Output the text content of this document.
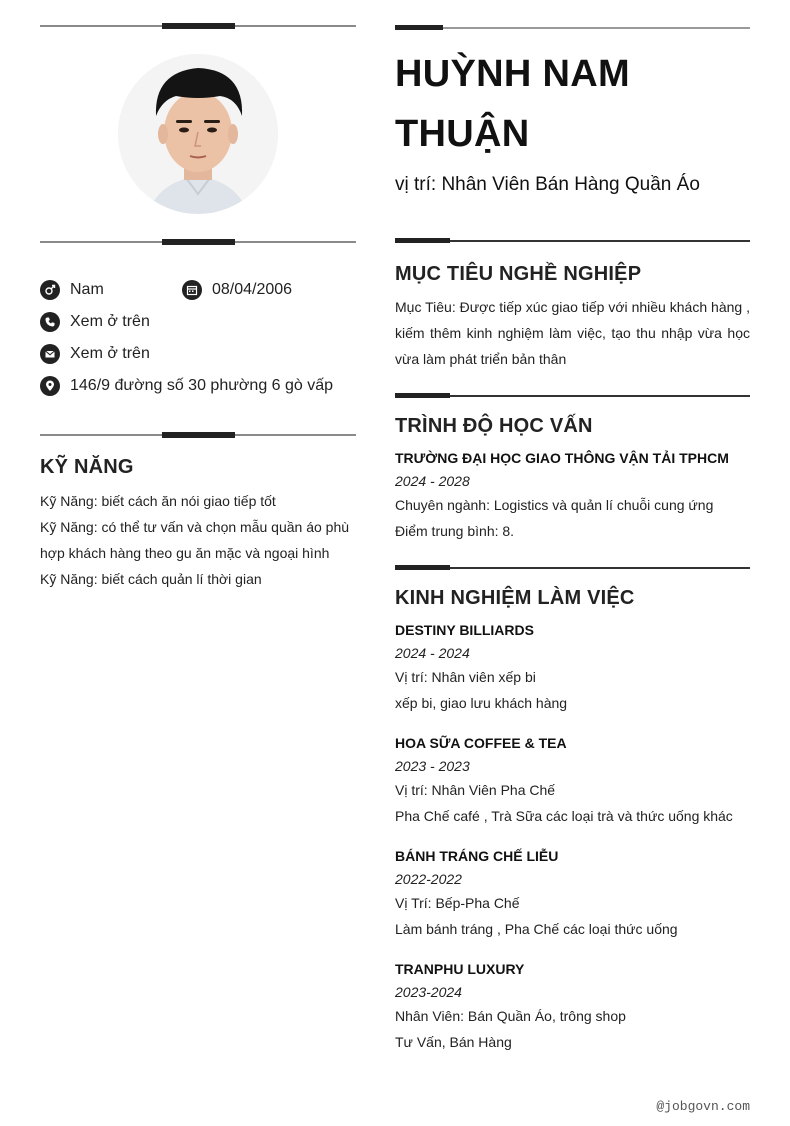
Nam	08/04/2006
Xem ở trên
Xem ở trên
146/9 đường số 30 phường 6 gò vấp
KỸ NĂNG
Kỹ Năng: biết cách ăn nói giao tiếp tốt
Kỹ Năng: có thể tư vấn và chọn mẫu quần áo phù hợp khách hàng theo gu ăn mặc và ngoại hình
Kỹ Năng: biết cách quản lí thời gian
HUỲNH NAM
THUẬN
vị trí: Nhân Viên Bán Hàng Quần Áo
MỤC TIÊU NGHỀ NGHIỆP
Mục Tiêu: Được tiếp xúc giao tiếp với nhiều khách hàng , kiếm thêm kinh nghiệm làm việc, tạo thu nhập vừa học vừa làm phát triển bản thân
TRÌNH ĐỘ HỌC VẤN
TRƯỜNG ĐẠI HỌC GIAO THÔNG VẬN TẢI TPHCM
2024 - 2028
Chuyên ngành: Logistics và quản lí chuỗi cung ứng
Điểm trung bình: 8.
KINH NGHIỆM LÀM VIỆC
DESTINY BILLIARDS
2024 - 2024
Vị trí: Nhân viên xếp bi
xếp bi, giao lưu khách hàng
HOA SỮA COFFEE & TEA
2023 - 2023
Vị trí: Nhân Viên Pha Chế
Pha Chế café , Trà Sữa các loại trà và thức uống khác
BÁNH TRÁNG CHẾ LIỄU
2022-2022
Vị Trí: Bếp-Pha Chế
Làm bánh tráng , Pha Chế các loại thức uống
TRANPHU LUXURY
2023-2024
Nhân Viên: Bán Quần Áo, trông shop
Tư Vấn, Bán Hàng
@jobgovn.com
